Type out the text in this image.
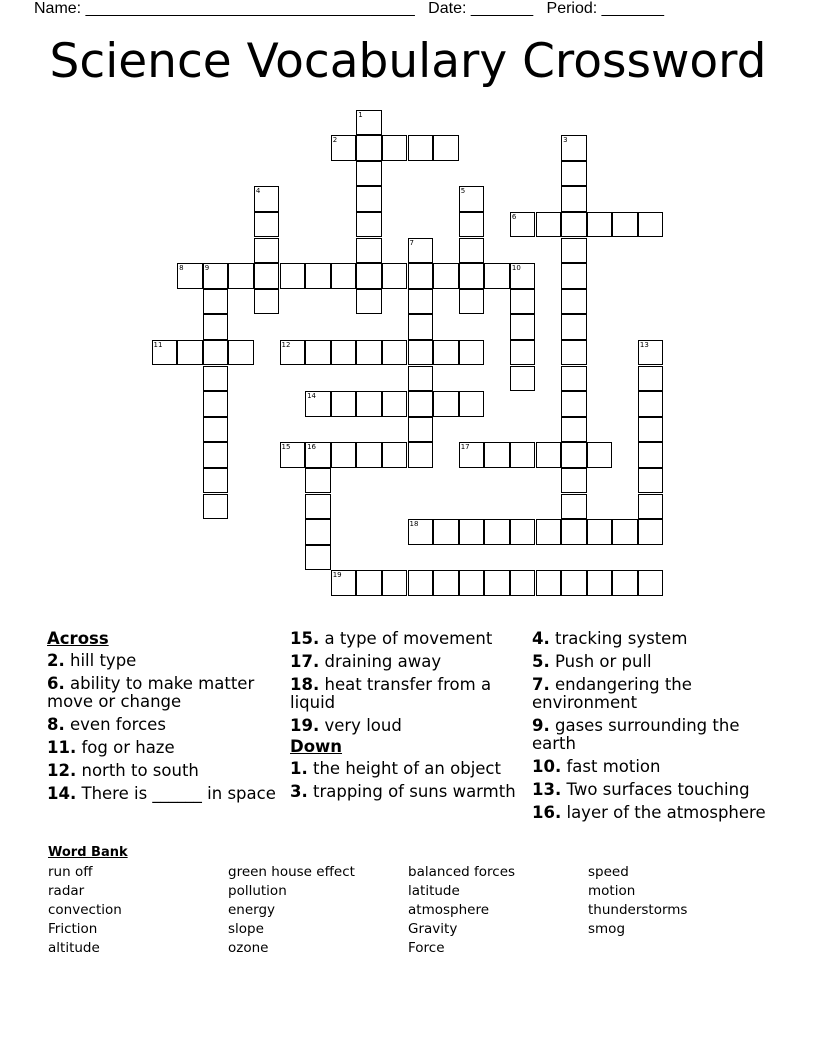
Name: _____________________________________ Date: _______ Period: _______
Science Vocabulary Crossword
1
2	3
4	5
6
7
8	9	10
11	12	13
14
15 16	17
18
19
Across
2. hill type
6. ability to make matter move or change
8. even forces
11. fog or haze
12. north to south
14. There is ______ in space
15. a type of movement
17. draining away
18. heat transfer from a liquid
19. very loud
Down
1. the height of an object
3. trapping of suns warmth
4. tracking system
5. Push or pull
7. endangering the environment
9. gases surrounding the earth
10. fast motion
13. Two surfaces touching
16. layer of the atmosphere
Word Bank
run off
radar
convection
Friction
altitude
green house effect
pollution
energy
slope
ozone
balanced forces
latitude
atmosphere
Gravity
Force
speed
motion
thunderstorms
smog
